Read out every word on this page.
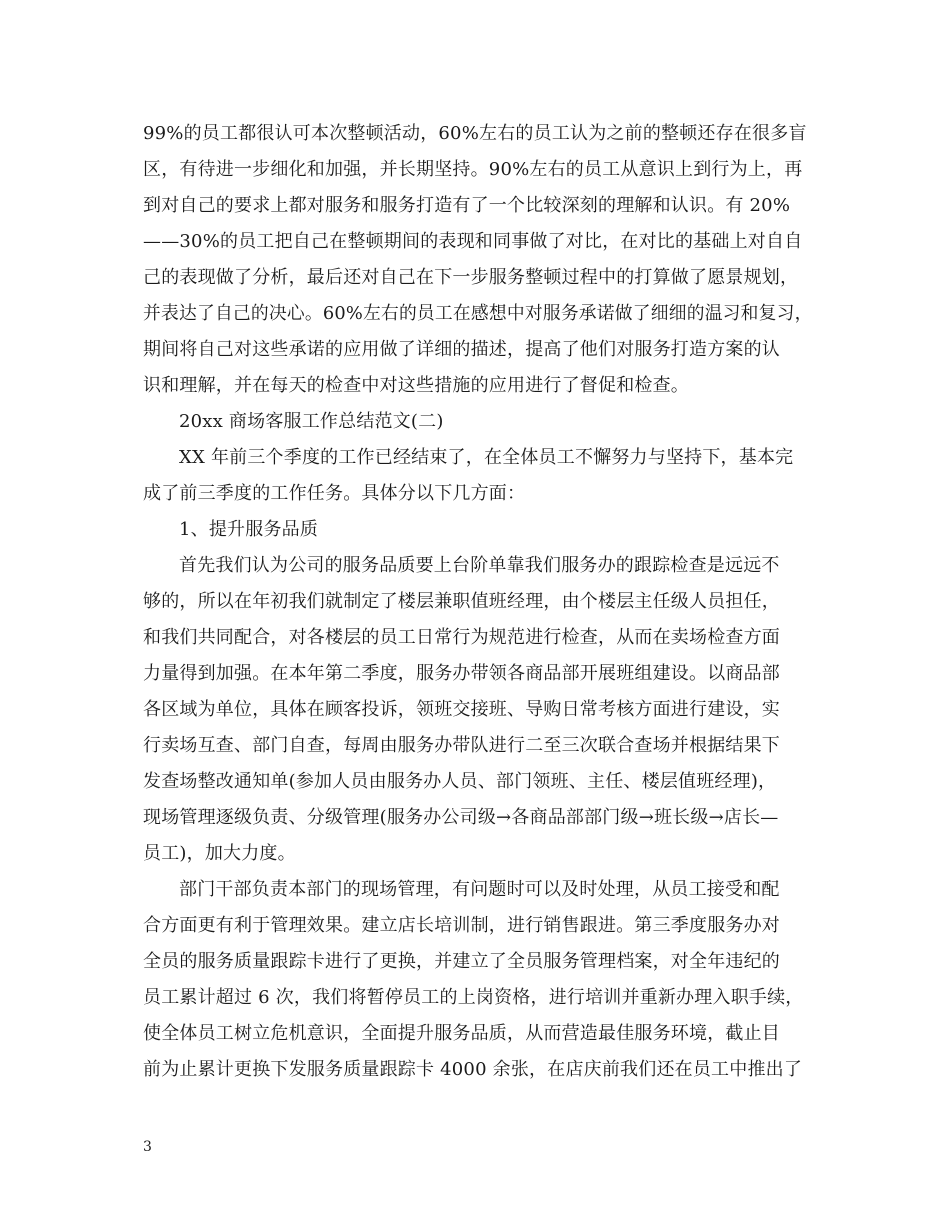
99%的员工都很认可本次整顿活动，60%左右的员工认为之前的整顿还存在很多盲
区，有待进一步细化和加强，并长期坚持。90%左右的员工从意识上到行为上，再
到对自己的要求上都对服务和服务打造有了一个比较深刻的理解和认识。有 20%
——30%的员工把自己在整顿期间的表现和同事做了对比，在对比的基础上对自自
己的表现做了分析，最后还对自己在下一步服务整顿过程中的打算做了愿景规划，
并表达了自己的决心。60%左右的员工在感想中对服务承诺做了细细的温习和复习，
期间将自己对这些承诺的应用做了详细的描述，提高了他们对服务打造方案的认
识和理解，并在每天的检查中对这些措施的应用进行了督促和检查。
20xx 商场客服工作总结范文(二)
XX 年前三个季度的工作已经结束了，在全体员工不懈努力与坚持下，基本完
成了前三季度的工作任务。具体分以下几方面：
1、提升服务品质
首先我们认为公司的服务品质要上台阶单靠我们服务办的跟踪检查是远远不
够的，所以在年初我们就制定了楼层兼职值班经理，由个楼层主任级人员担任，
和我们共同配合，对各楼层的员工日常行为规范进行检查，从而在卖场检查方面
力量得到加强。在本年第二季度，服务办带领各商品部开展班组建设。以商品部
各区域为单位，具体在顾客投诉，领班交接班、导购日常考核方面进行建设，实
行卖场互查、部门自查，每周由服务办带队进行二至三次联合查场并根据结果下
发查场整改通知单(参加人员由服务办人员、部门领班、主任、楼层值班经理)，
现场管理逐级负责、分级管理(服务办公司级→各商品部部门级→班长级→店长—
员工)，加大力度。
部门干部负责本部门的现场管理，有问题时可以及时处理，从员工接受和配
合方面更有利于管理效果。建立店长培训制，进行销售跟进。第三季度服务办对
全员的服务质量跟踪卡进行了更换，并建立了全员服务管理档案，对全年违纪的
员工累计超过 6 次，我们将暂停员工的上岗资格，进行培训并重新办理入职手续，
使全体员工树立危机意识，全面提升服务品质，从而营造最佳服务环境，截止目
前为止累计更换下发服务质量跟踪卡 4000 余张，在店庆前我们还在员工中推出了
3
